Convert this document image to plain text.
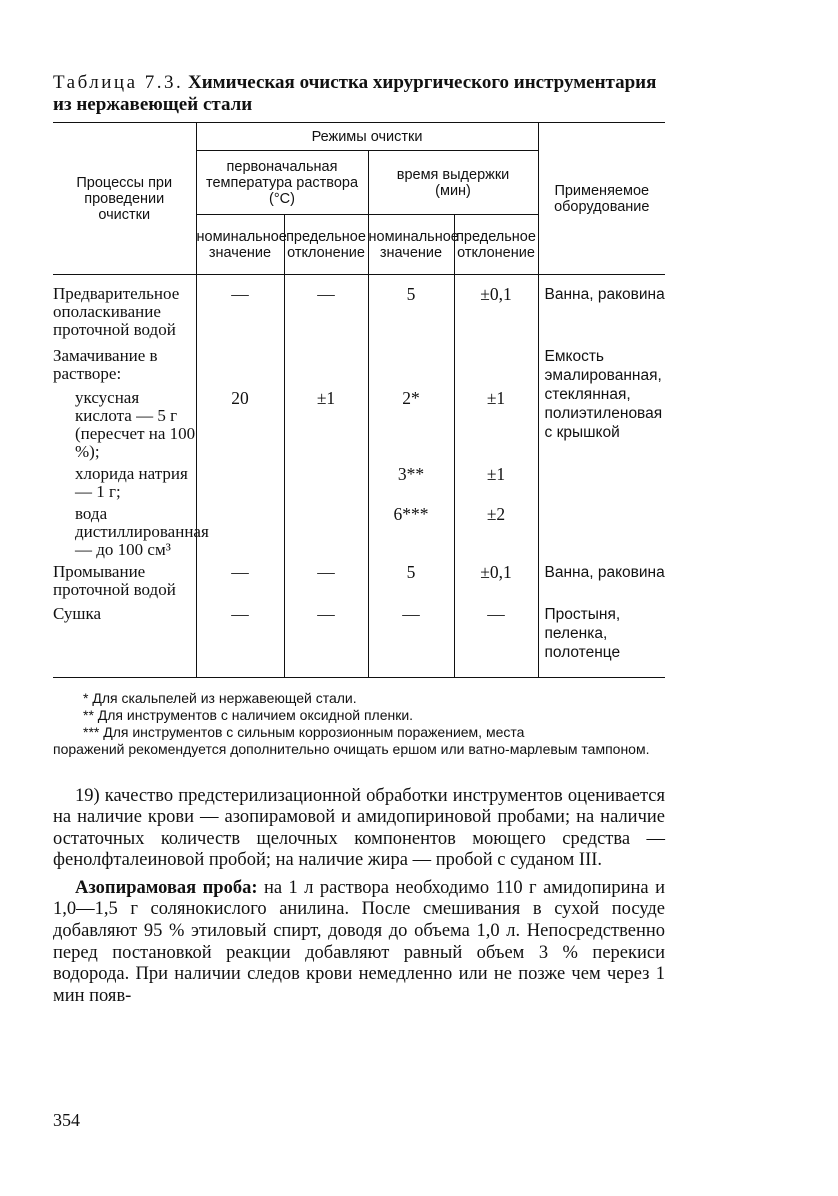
Таблица 7.3. Химическая очистка хирургического инструментария
из нержавеющей стали
Процессы при проведении очистки	Режимы очистки				Применяемое оборудование
	первоначальная температура раствора (°С)		время выдержки (мин)		
	номинальное значение	предельное отклонение	номинальное значение	предельное отклонение	
Предварительное ополаскивание проточной водой	—	—	5	±0,1	Ванна, раковина
Замачивание в растворе:					Емкость эмалированная, стеклянная, полиэтиленовая с крышкой
уксусная кислота — 5 г (пересчет на 100 %);	20	±1	2*	±1	
хлорида натрия — 1 г;			3**	±1	
вода дистиллированная — до 100 см³			6***	±2	
Промывание проточной водой	—	—	5	±0,1	Ванна, раковина
Сушка	—	—	—	—	Простыня, пеленка, полотенце

* Для скальпелей из нержавеющей стали.

** Для инструментов с наличием оксидной пленки.

*** Для инструментов с сильным коррозионным поражением, места

поражений рекомендуется дополнительно очищать ершом или ватно-марлевым тампоном.

19) качество предстерилизационной обработки инструментов оценивается на наличие крови — азопирамовой и амидопириновой пробами; на наличие остаточных количеств щелочных компонентов моющего средства — фенолфталеиновой пробой; на наличие жира — пробой с суданом III.

Азопирамовая проба: на 1 л раствора необходимо 110 г амидопирина и 1,0—1,5 г солянокислого анилина. После смешивания в сухой посуде добавляют 95 % этиловый спирт, доводя до объема 1,0 л. Непосредственно перед постановкой реакции добавляют равный объем 3 % перекиси водорода. При наличии следов крови немедленно или не позже чем через 1 мин появ-

354
